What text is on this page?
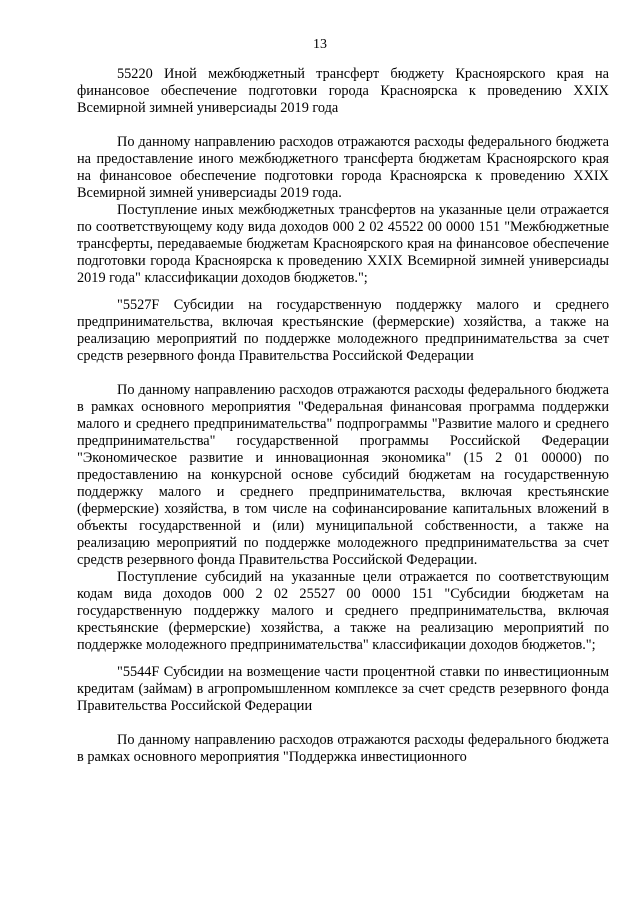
13

55220 Иной межбюджетный трансферт бюджету Красноярского края на финансовое обеспечение подготовки города Красноярска к проведению XXIX Всемирной зимней универсиады 2019 года

По данному направлению расходов отражаются расходы федерального бюджета на предоставление иного межбюджетного трансферта бюджетам Красноярского края на финансовое обеспечение подготовки города Красноярска к проведению XXIX Всемирной зимней универсиады 2019 года.

Поступление иных межбюджетных трансфертов на указанные цели отражается по соответствующему коду вида доходов 000 2 02 45522 00 0000 151 "Межбюджетные трансферты, передаваемые бюджетам Красноярского края на финансовое обеспечение подготовки города Красноярска к проведению XXIX Всемирной зимней универсиады 2019 года" классификации доходов бюджетов.";

"5527F Субсидии на государственную поддержку малого и среднего предпринимательства, включая крестьянские (фермерские) хозяйства, а также на реализацию мероприятий по поддержке молодежного предпринимательства за счет средств резервного фонда Правительства Российской Федерации

По данному направлению расходов отражаются расходы федерального бюджета в рамках основного мероприятия "Федеральная финансовая программа поддержки малого и среднего предпринимательства" подпрограммы "Развитие малого и среднего предпринимательства" государственной программы Российской Федерации "Экономическое развитие и инновационная экономика" (15 2 01 00000) по предоставлению на конкурсной основе субсидий бюджетам на государственную поддержку малого и среднего предпринимательства, включая крестьянские (фермерские) хозяйства, в том числе на софинансирование капитальных вложений в объекты государственной и (или) муниципальной собственности, а также на реализацию мероприятий по поддержке молодежного предпринимательства за счет средств резервного фонда Правительства Российской Федерации.

Поступление субсидий на указанные цели отражается по соответствующим кодам вида доходов 000 2 02 25527 00 0000 151 "Субсидии бюджетам на государственную поддержку малого и среднего предпринимательства, включая крестьянские (фермерские) хозяйства, а также на реализацию мероприятий по поддержке молодежного предпринимательства" классификации доходов бюджетов.";

"5544F Субсидии на возмещение части процентной ставки по инвестиционным кредитам (займам) в агропромышленном комплексе за счет средств резервного фонда Правительства Российской Федерации

По данному направлению расходов отражаются расходы федерального бюджета в рамках основного мероприятия "Поддержка инвестиционного
